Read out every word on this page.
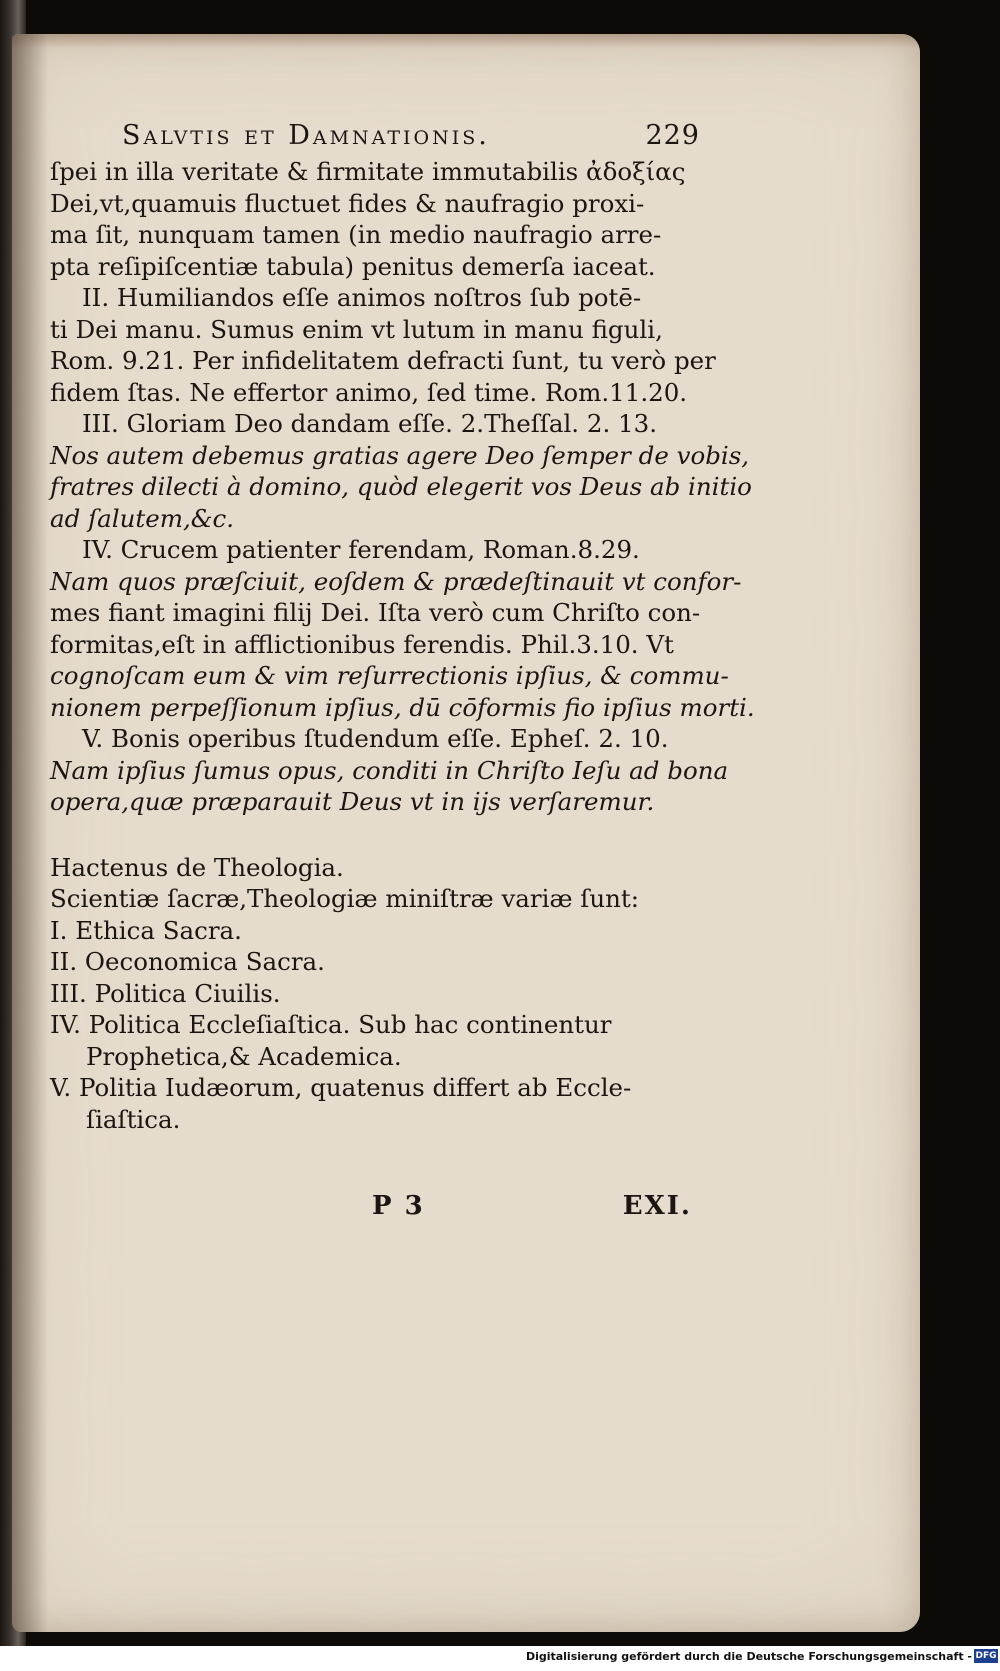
Salvtis et Damnationis.	229
ſpei in illa veritate & firmitate immutabilis ἀδοξίας
Dei,vt,quamuis fluctuet fides & naufragio proxi-
ma ſit, nunquam tamen (in medio naufragio arre-
pta reſipiſcentiæ tabula) penitus demerſa iaceat.
II. Humiliandos eſſe animos noſtros ſub potē-
ti Dei manu. Sumus enim vt lutum in manu figuli,
Rom. 9.21. Per infidelitatem defracti ſunt, tu verò per
fidem ſtas. Ne effertor animo, ſed time. Rom.11.20.
III. Gloriam Deo dandam eſſe. 2.Theſſal. 2. 13.
Nos autem debemus gratias agere Deo ſemper de vobis,
fratres dilecti à domino, quòd elegerit vos Deus ab initio
ad ſalutem,&c.
IV. Crucem patienter ferendam, Roman.8.29.
Nam quos præſciuit, eoſdem & prædeſtinauit vt confor-
mes fiant imagini filij Dei. Iſta verò cum Chriſto con-
formitas,eſt in afflictionibus ferendis. Phil.3.10. Vt
cognoſcam eum & vim reſurrectionis ipſius, & commu-
nionem perpeſſionum ipſius, dū cōformis fio ipſius morti.
V. Bonis operibus ſtudendum eſſe. Epheſ. 2. 10.
Nam ipſius ſumus opus, conditi in Chriſto Ieſu ad bona
opera,quæ præparauit Deus vt in ijs verſaremur.
Hactenus de Theologia.
Scientiæ ſacræ,Theologiæ miniſtræ variæ ſunt:
I. Ethica Sacra.
II. Oeconomica Sacra.
III. Politica Ciuilis.
IV. Politica Eccleſiaſtica. Sub hac continentur
Prophetica,& Academica.
V. Politia Iudæorum, quatenus differt ab Eccle-
ſiaſtica.
P 3	EXI.
Digitalisierung gefördert durch die Deutsche Forschungsgemeinschaft - DFG
